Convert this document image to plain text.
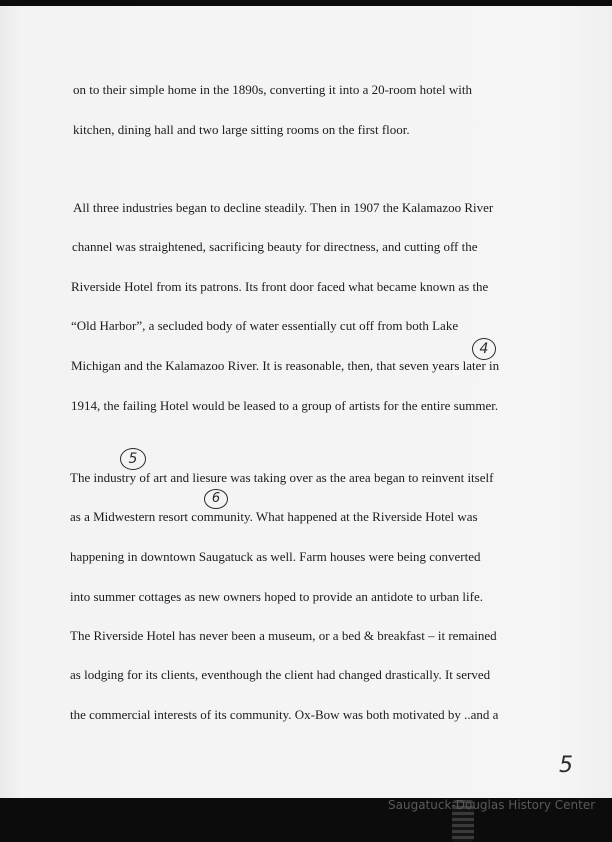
on to their simple home in the 1890s, converting it into a 20-room hotel with
kitchen, dining hall and two large sitting rooms on the first floor.
All three industries began to decline steadily. Then in 1907 the Kalamazoo River
channel was straightened, sacrificing beauty for directness, and cutting off the
Riverside Hotel from its patrons. Its front door faced what became known as the
“Old Harbor”, a secluded body of water essentially cut off from both Lake
Michigan and the Kalamazoo River. It is reasonable, then, that seven years later in
1914, the failing Hotel would be leased to a group of artists for the entire summer.
The industry of art and liesure was taking over as the area began to reinvent itself
as a Midwestern resort community. What happened at the Riverside Hotel was
happening in downtown Saugatuck as well. Farm houses were being converted
into summer cottages as new owners hoped to provide an antidote to urban life.
The Riverside Hotel has never been a museum, or a bed & breakfast – it remained
as lodging for its clients, eventhough the client had changed drastically. It served
the commercial interests of its community. Ox-Bow was both motivated by ..and a
4
5
6
5
Saugatuck-Douglas History Center
